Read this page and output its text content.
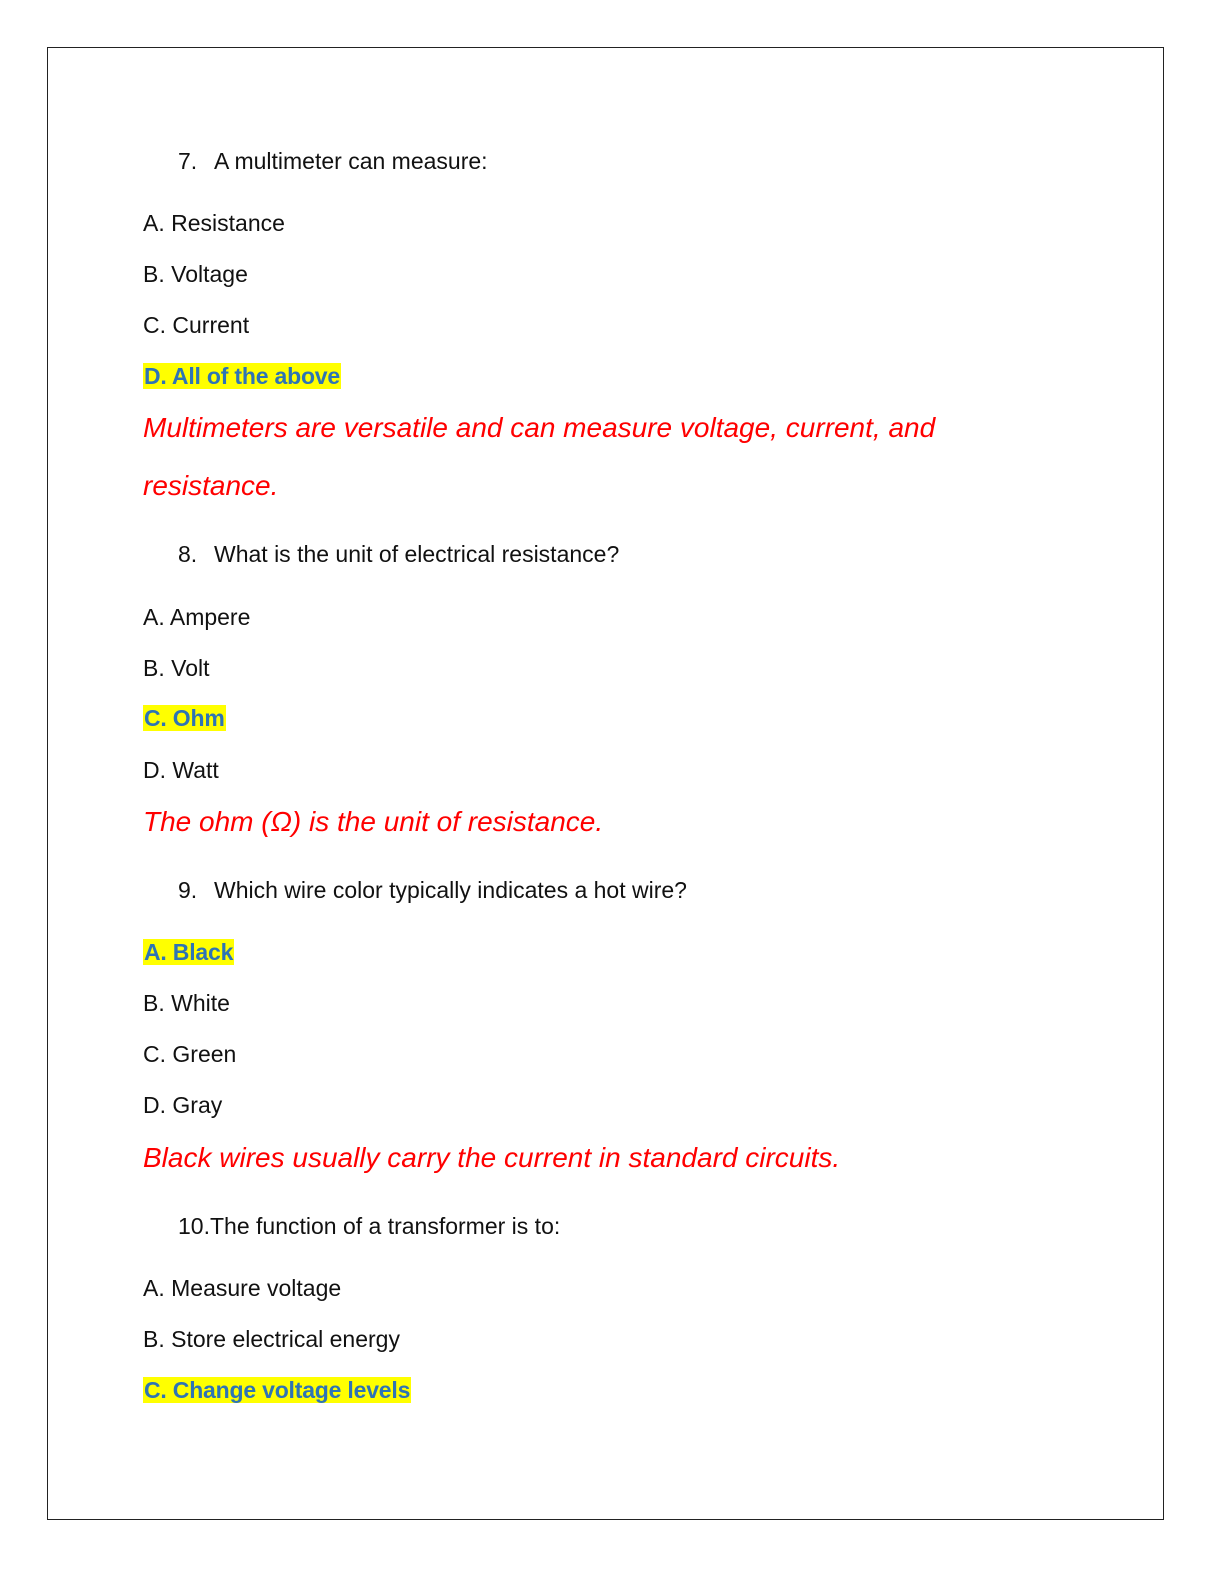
7. A multimeter can measure:
A. Resistance
B. Voltage
C. Current
D. All of the above
Multimeters are versatile and can measure voltage, current, and
resistance.
8. What is the unit of electrical resistance?
A. Ampere
B. Volt
C. Ohm
D. Watt
The ohm (Ω) is the unit of resistance.
9. Which wire color typically indicates a hot wire?
A. Black
B. White
C. Green
D. Gray
Black wires usually carry the current in standard circuits.
10.The function of a transformer is to:
A. Measure voltage
B. Store electrical energy
C. Change voltage levels
